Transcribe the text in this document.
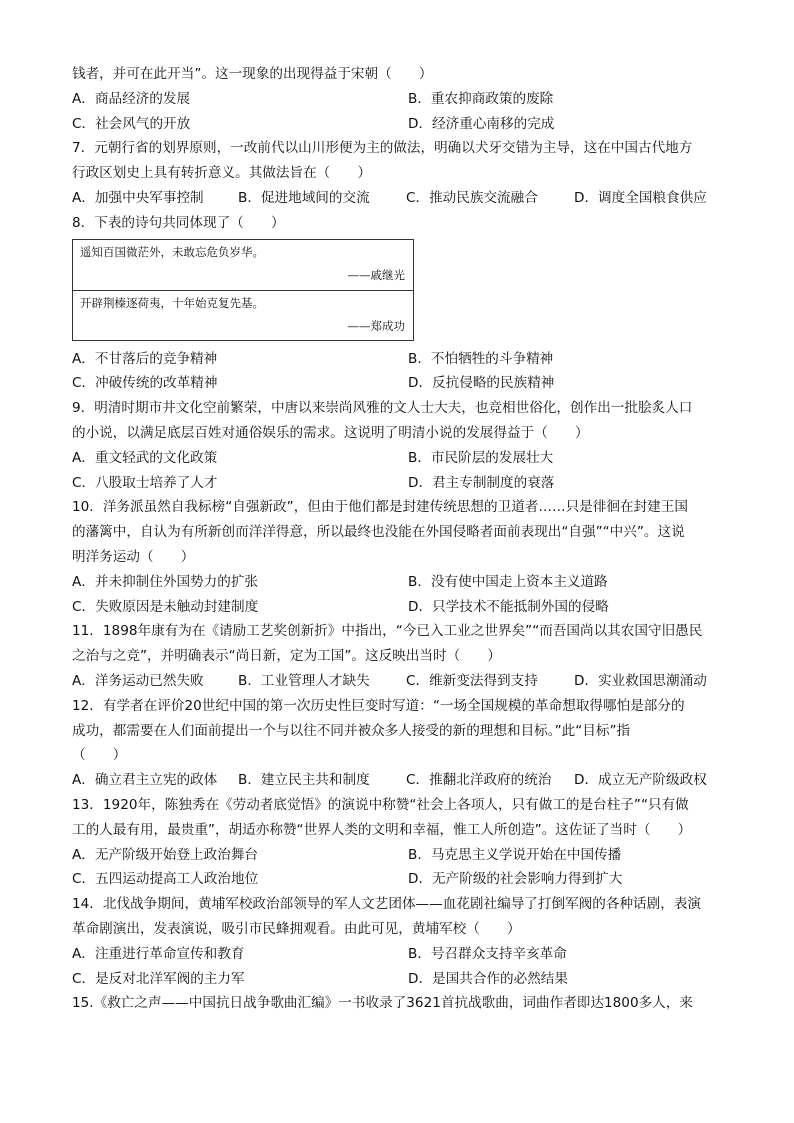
钱者，并可在此开当”。这一现象的出现得益于宋朝（　　）
A．商品经济的发展	B．重农抑商政策的废除
C．社会风气的开放	D．经济重心南移的完成
7．元朝行省的划界原则，一改前代以山川形便为主的做法，明确以犬牙交错为主导，这在中国古代地方
行政区划史上具有转折意义。其做法旨在（　　）
A．加强中央军事控制	B．促进地域间的交流	C．推动民族交流融合	D．调度全国粮食供应
8．下表的诗句共同体现了（　　）
遥知百国微茫外，未敢忘危负岁华。
——戚继光
开辟荆榛逐荷夷，十年始克复先基。
——郑成功
A．不甘落后的竞争精神	B．不怕牺牲的斗争精神
C．冲破传统的改革精神	D．反抗侵略的民族精神
9．明清时期市井文化空前繁荣，中唐以来崇尚风雅的文人士大夫，也竞相世俗化，创作出一批脍炙人口
的小说，以满足底层百姓对通俗娱乐的需求。这说明了明清小说的发展得益于（　　）
A．重文轻武的文化政策	B．市民阶层的发展壮大
C．八股取士培养了人才	D．君主专制制度的衰落
10．洋务派虽然自我标榜“自强新政”，但由于他们都是封建传统思想的卫道者……只是徘徊在封建王国
的藩篱中，自认为有所新创而洋洋得意，所以最终也没能在外国侵略者面前表现出“自强”“中兴”。这说
明洋务运动（　　）
A．并未抑制住外国势力的扩张	B．没有使中国走上资本主义道路
C．失败原因是未触动封建制度	D．只学技术不能抵制外国的侵略
11．1898年康有为在《请励工艺奖创新折》中指出，“今已入工业之世界矣”“而吾国尚以其农国守旧愚民
之治与之竞”，并明确表示“尚日新，定为工国”。这反映出当时（　　）
A．洋务运动已然失败	B．工业管理人才缺失	C．维新变法得到支持	D．实业救国思潮涌动
12．有学者在评价20世纪中国的第一次历史性巨变时写道：“一场全国规模的革命想取得哪怕是部分的
成功，都需要在人们面前提出一个与以往不同并被众多人接受的新的理想和目标。”此“目标”指
（　　）
A．确立君主立宪的政体	B．建立民主共和制度	C．推翻北洋政府的统治	D．成立无产阶级政权
13．1920年，陈独秀在《劳动者底觉悟》的演说中称赞“社会上各项人，只有做工的是台柱子”“只有做
工的人最有用，最贵重”，胡适亦称赞“世界人类的文明和幸福，惟工人所创造”。这佐证了当时（　　）
A．无产阶级开始登上政治舞台	B．马克思主义学说开始在中国传播
C．五四运动提高工人政治地位	D．无产阶级的社会影响力得到扩大
14．北伐战争期间，黄埔军校政治部领导的军人文艺团体——血花剧社编导了打倒军阀的各种话剧，表演
革命剧演出，发表演说，吸引市民蜂拥观看。由此可见，黄埔军校（　　）
A．注重进行革命宣传和教育	B．号召群众支持辛亥革命
C．是反对北洋军阀的主力军	D．是国共合作的必然结果
15.《救亡之声——中国抗日战争歌曲汇编》一书收录了3621首抗战歌曲，词曲作者即达1800多人，来
